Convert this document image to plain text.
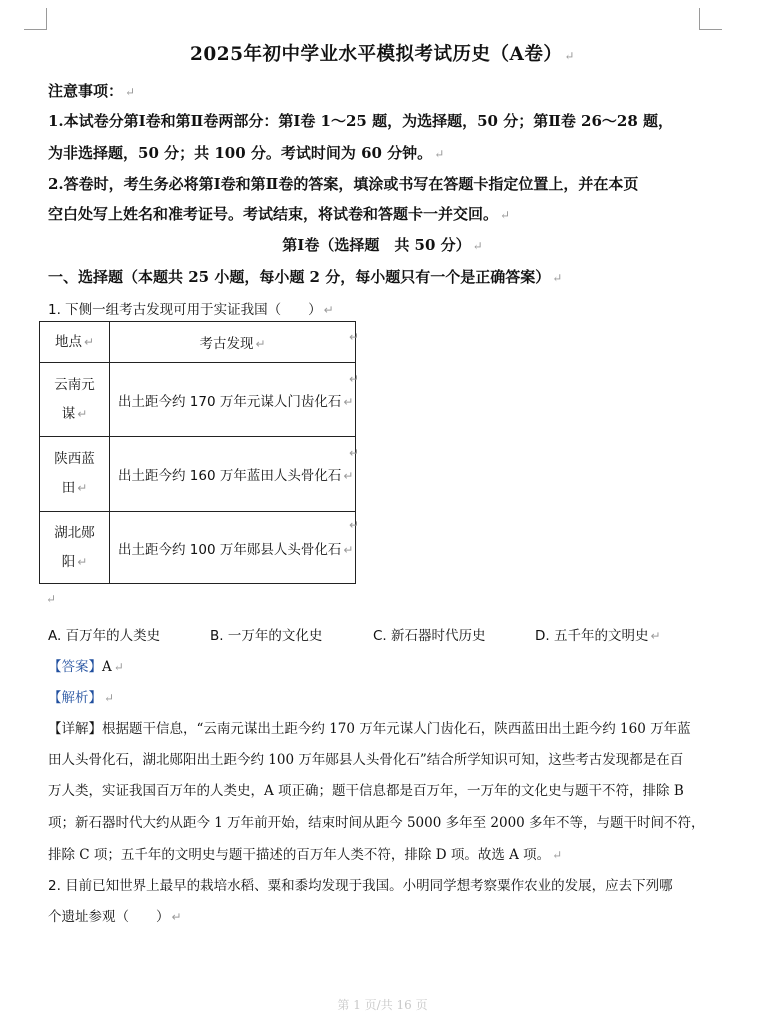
2025年初中学业水平模拟考试历史（A卷） ↵
注意事项： ↵
1.本试卷分第Ⅰ卷和第Ⅱ卷两部分：第Ⅰ卷 1～25 题，为选择题，50 分；第Ⅱ卷 26～28 题，
为非选择题，50 分；共 100 分。考试时间为 60 分钟。 ↵
2.答卷时，考生务必将第Ⅰ卷和第Ⅱ卷的答案，填涂或书写在答题卡指定位置上，并在本页
空白处写上姓名和准考证号。考试结束，将试卷和答题卡一并交回。 ↵
第Ⅰ卷（选择题　共 50 分） ↵
一、选择题（本题共 25 小题，每小题 2 分，每小题只有一个是正确答案） ↵
1. 下侧一组考古发现可用于实证我国（　　） ↵
地点 ↵	考古发现 ↵
云南元
谋 ↵	出土距今约 170 万年元谋人门齿化石 ↵
陕西蓝
田 ↵	出土距今约 160 万年蓝田人头骨化石 ↵
湖北郧
阳 ↵	出土距今约 100 万年郧县人头骨化石 ↵
↵
↵
↵
↵
↵
A. 百万年的人类史	B. 一万年的文化史	C. 新石器时代历史	D. 五千年的文明史 ↵
【答案】A ↵
【解析】 ↵
【详解】根据题干信息，“云南元谋出土距今约 170 万年元谋人门齿化石，陕西蓝田出土距今约 160 万年蓝
田人头骨化石，湖北郧阳出土距今约 100 万年郧县人头骨化石”结合所学知识可知，这些考古发现都是在百
万人类，实证我国百万年的人类史，A 项正确；题干信息都是百万年，一万年的文化史与题干不符，排除 B
项；新石器时代大约从距今 1 万年前开始，结束时间从距今 5000 多年至 2000 多年不等，与题干时间不符，
排除 C 项；五千年的文明史与题干描述的百万年人类不符，排除 D 项。故选 A 项。 ↵
2. 目前已知世界上最早的栽培水稻、粟和黍均发现于我国。小明同学想考察粟作农业的发展，应去下列哪
个遗址参观（　　） ↵
第 1 页/共 16 页
